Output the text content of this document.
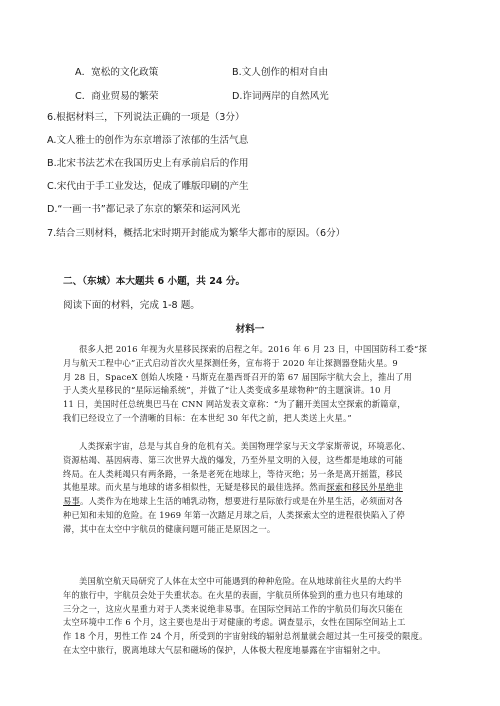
A．宽松的文化政策	B.文人创作的相对自由
C．商业贸易的繁荣	D.诈词两岸的自然风光
6.根据材料三，下列说法正确的一项是（3分）
A.文人雅士的创作为东京增添了浓郁的生活气息
B.北宋书法艺术在我国历史上有承前启后的作用
C.宋代由于手工业发达，促成了雕版印刷的产生
D.“一画一书”都记录了东京的繁荣和运河风光
7.结合三则材料，概括北宋时期开封能成为繁华大都市的原因。（6分）
二、（东城）本大题共 6 小题，共 24 分。
阅读下面的材料，完成 1-8 题。
材料一
很多人把 2016 年视为火星移民探索的启程之年。2016 年 6 月 23 日，中国国防科工委“探
月与航天工程中心”正式启动首次火星探测任务，宣布将于 2020 年让探测器登陆火星。9
月 28 日，SpaceX 创始人埃隆・马斯克在墨西哥召开的第 67 届国际宇航大会上，推出了用
于人类火星移民的“星际运输系统”，并做了“让人类变成多星球物种”的主题演讲。10 月
11 日，美国时任总统奥巴马在 CNN 网站发表文章称：“为了翻开美国太空探索的新篇章，
我们已经设立了一个清晰的目标：在本世纪 30 年代之前，把人类送上火星。”
人类探索宇宙，总是与其自身的危机有关。美国物理学家与天文学家斯蒂说，环境恶化、
资源枯竭、基因病毒、第三次世界大战的爆发，乃至外星文明的入侵，这些都是地球的可能
终局。在人类耗竭只有两条路，一条是老死在地球上，等待灭绝；另一条是离开摇篮，移民
其他星球。而火星与地球的诸多相似性，无疑是移民的最佳选择。然而探索和移民外星绝非
易事。人类作为在地球上生活的哺乳动物，想要进行星际旅行或是在外星生活，必须面对各
种已知和未知的危险。在 1969 年第一次踏足月球之后，人类探索太空的进程很快陷入了停
滞，其中在太空中宇航员的健康问题可能正是原因之一。
美国航空航天局研究了人体在太空中可能遇到的种种危险。在从地球前往火星的大约半
年的旅行中，宇航员会处于失重状态。在火星的表面，宇航员所体验到的重力也只有地球的
三分之一，这应火星重力对于人类来说绝非易事。在国际空间站工作的宇航员们每次只能在
太空环境中工作 6 个月，这主要也是出于对健康的考虑。调查显示，女性在国际空间站上工
作 18 个月，男性工作 24 个月，所受到的宇宙射线的辐射总剂量就会超过其一生可接受的限度。
在太空中旅行，脱离地球大气层和磁场的保护，人体极大程度地暴露在宇宙辐射之中。
